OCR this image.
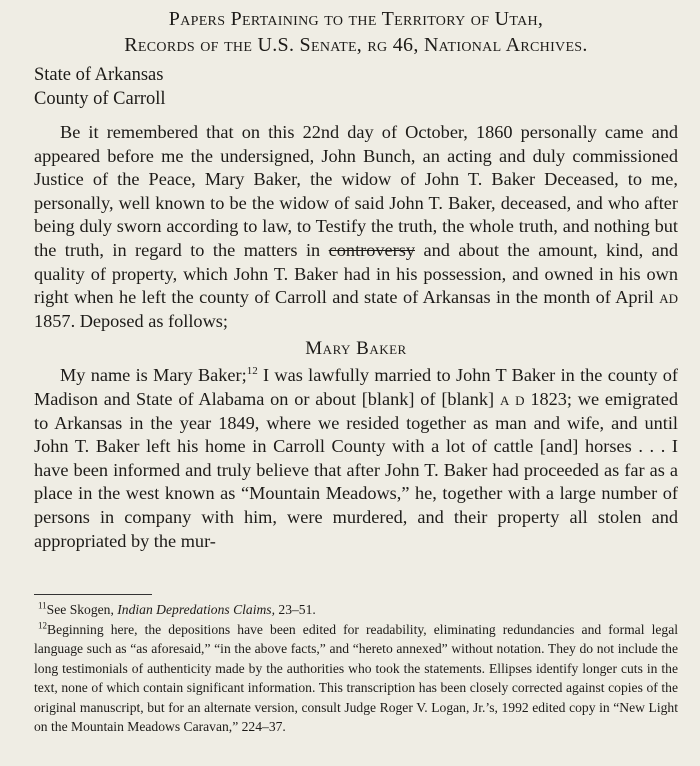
Papers Pertaining to the Territory of Utah,
Records of the U.S. Senate, rg 46, National Archives.
State of Arkansas
County of Carroll

Be it remembered that on this 22nd day of October, 1860 personally came and appeared before me the undersigned, John Bunch, an acting and duly commissioned Justice of the Peace, Mary Baker, the widow of John T. Baker Deceased, to me, personally, well known to be the widow of said John T. Baker, deceased, and who after being duly sworn according to law, to Testify the truth, the whole truth, and nothing but the truth, in regard to the matters in controversy and about the amount, kind, and quality of property, which John T. Baker had in his possession, and owned in his own right when he left the county of Carroll and state of Arkansas in the month of April ad 1857. Deposed as follows;

Mary Baker

My name is Mary Baker;$^{12}$ I was lawfully married to John T Baker in the county of Madison and State of Alabama on or about [blank] of [blank] a d 1823; we emigrated to Arkansas in the year 1849, where we resided together as man and wife, and until John T. Baker left his home in Carroll County with a lot of cattle [and] horses . . . I have been informed and truly believe that after John T. Baker had proceeded as far as a place in the west known as “Mountain Meadows,” he, together with a large number of persons in company with him, were murdered, and their property all stolen and appropriated by the mur-

$^{11}$See Skogen, Indian Depredations Claims, 23–51.

$^{12}$Beginning here, the depositions have been edited for readability, eliminating redundancies and formal legal language such as “as aforesaid,” “in the above facts,” and “hereto annexed” without notation. They do not include the long testimonials of authenticity made by the authorities who took the statements. Ellipses identify longer cuts in the text, none of which contain significant information. This transcription has been closely corrected against copies of the original manuscript, but for an alternate version, consult Judge Roger V. Logan, Jr.’s, 1992 edited copy in “New Light on the Mountain Meadows Caravan,” 224–37.
